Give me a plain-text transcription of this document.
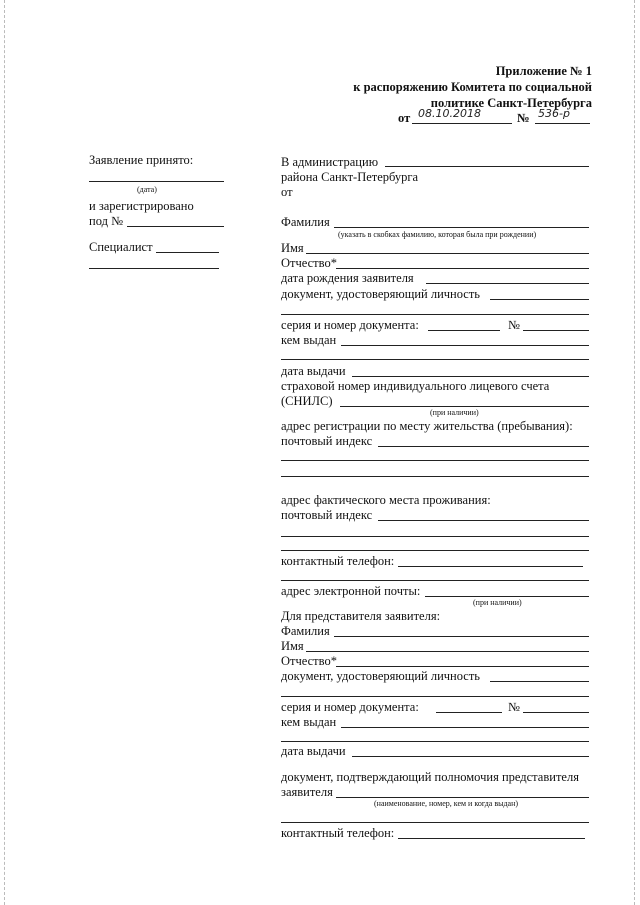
Приложение № 1
к распоряжению Комитета по социальной
политике Санкт-Петербурга
от 08.10.2018	№ 536-р
Заявление принято:
(дата)
и зарегистрировано
под №
Специалист
В администрацию
района Санкт-Петербурга
от
Фамилия
(указать в скобках фамилию, которая была при рождении)
Имя
Отчество*
дата рождения заявителя
документ, удостоверяющий личность
серия и номер документа:	№
кем выдан
дата выдачи
страховой номер индивидуального лицевого счета
(СНИЛС)
(при наличии)
адрес регистрации по месту жительства (пребывания):
почтовый индекс
адрес фактического места проживания:
почтовый индекс
контактный телефон:
адрес электронной почты:
(при наличии)
Для представителя заявителя:
Фамилия
Имя
Отчество*
документ, удостоверяющий личность
серия и номер документа:	№
кем выдан
дата выдачи
документ, подтверждающий полномочия представителя
заявителя
(наименование, номер, кем и когда выдан)
контактный телефон:
